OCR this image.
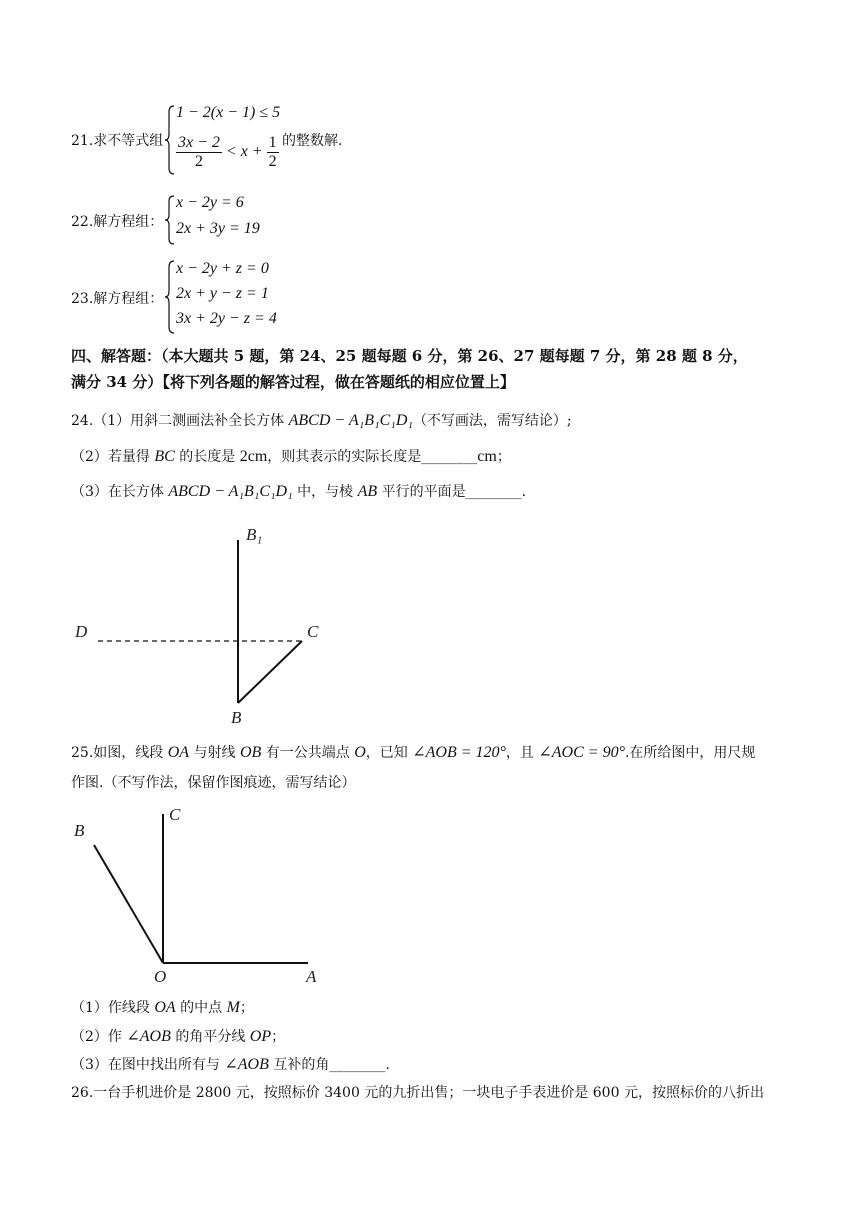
21.求不等式组
1 − 2(x − 1) ≤ 5
$\frac{3x - 2}{2} < x + \frac{1}{2}$ 的整数解.
22.解方程组：
x − 2y = 6
2x + 3y = 19
23.解方程组：
x − 2y + z = 0
2x + y − z = 1
3x + 2y − z = 4
四、解答题：（本大题共 5 题，第 24、25 题每题 6 分，第 26、27 题每题 7 分，第 28 题 8 分，
满分 34 分）【将下列各题的解答过程，做在答题纸的相应位置上】
24.（1）用斜二测画法补全长方体 ABCD − A₁B₁C₁D₁（不写画法，需写结论）;
（2）若量得 BC 的长度是 2cm，则其表示的实际长度是________cm；
（3）在长方体 ABCD − A₁B₁C₁D₁ 中，与棱 AB 平行的平面是________.
B₁
D	C
B
25.如图，线段 OA 与射线 OB 有一公共端点 O，已知 ∠AOB = 120°，且 ∠AOC = 90°.在所给图中，用尺规
作图.（不写作法，保留作图痕迹，需写结论）
B
C
O	A
（1）作线段 OA 的中点 M；
（2）作 ∠AOB 的角平分线 OP；
（3）在图中找出所有与 ∠AOB 互补的角________.
26.一台手机进价是 2800 元，按照标价 3400 元的九折出售；一块电子手表进价是 600 元，按照标价的八折出
